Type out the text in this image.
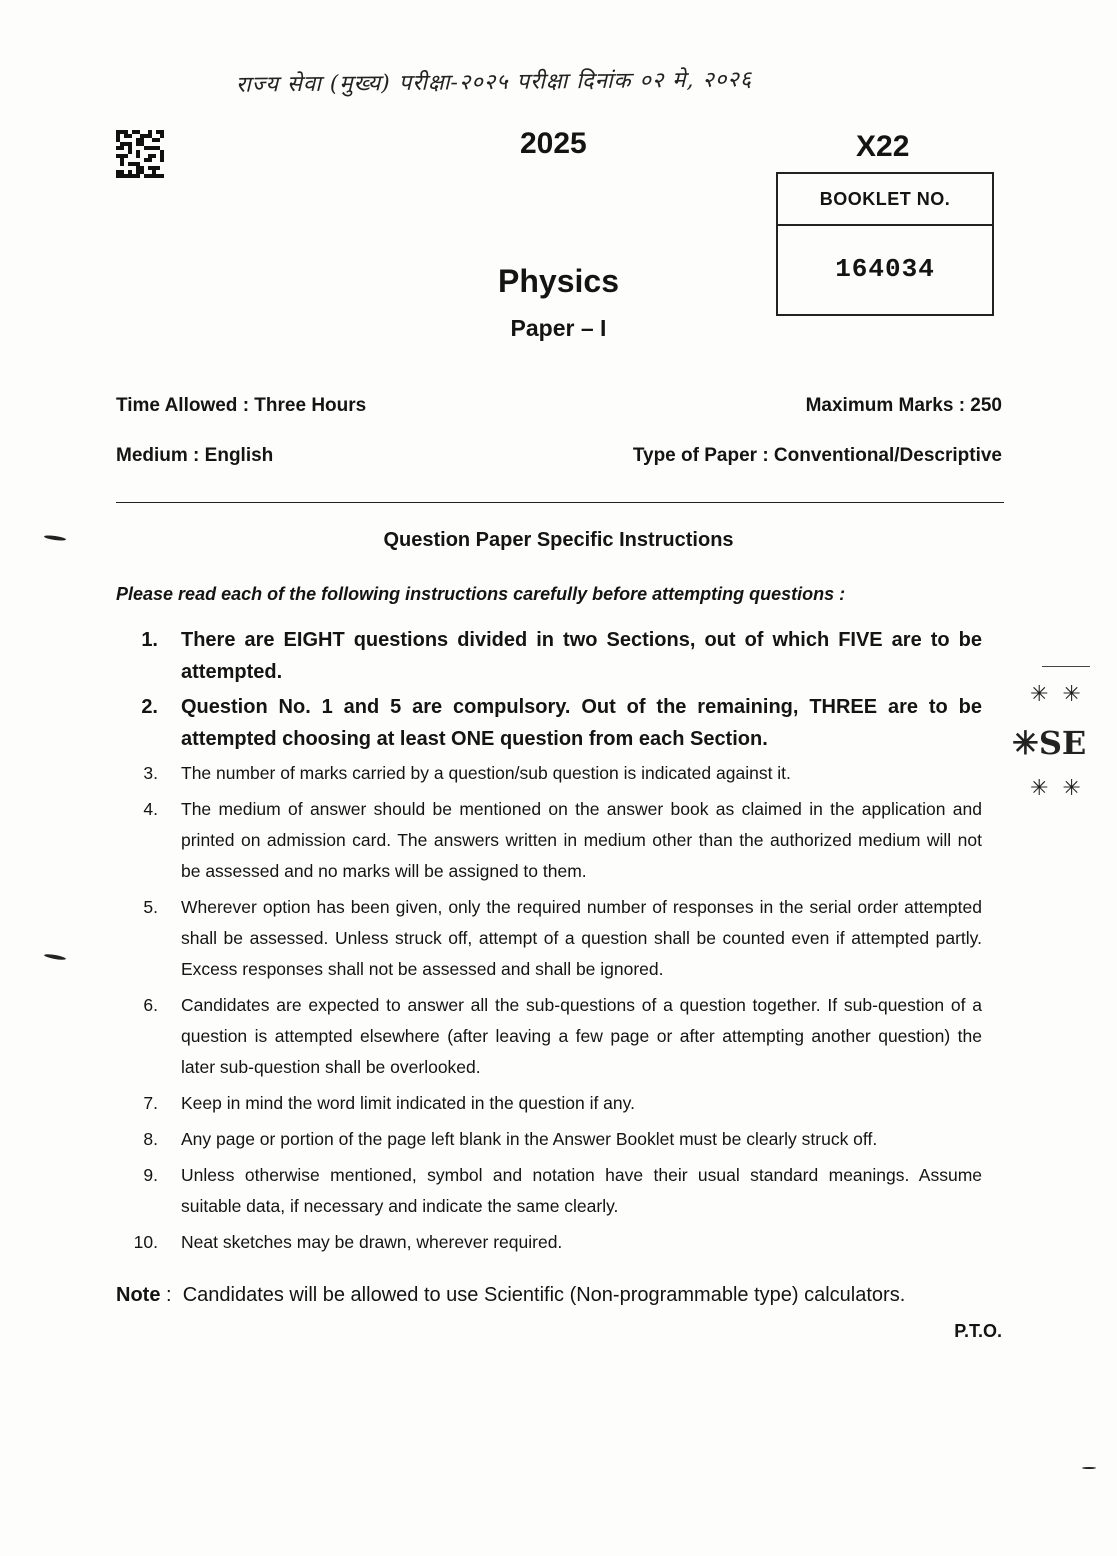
राज्य सेवा (मुख्य) परीक्षा-२०२५ परीक्षा दिनांक ०२ मे, २०२६
2025	X22
BOOKLET NO.
164034
Physics
Paper – I
Time Allowed : Three Hours	Maximum Marks : 250
Medium : English	Type of Paper : Conventional/Descriptive
Question Paper Specific Instructions
Please read each of the following instructions carefully before attempting questions :
1. There are EIGHT questions divided in two Sections, out of which FIVE are to be attempted.
2. Question No. 1 and 5 are compulsory. Out of the remaining, THREE are to be attempted choosing at least ONE question from each Section.
3. The number of marks carried by a question/sub question is indicated against it.
4. The medium of answer should be mentioned on the answer book as claimed in the application and printed on admission card. The answers written in medium other than the authorized medium will not be assessed and no marks will be assigned to them.
5. Wherever option has been given, only the required number of responses in the serial order attempted shall be assessed. Unless struck off, attempt of a question shall be counted even if attempted partly. Excess responses shall not be assessed and shall be ignored.
6. Candidates are expected to answer all the sub-questions of a question together. If sub-question of a question is attempted elsewhere (after leaving a few page or after attempting another question) the later sub-question shall be overlooked.
7. Keep in mind the word limit indicated in the question if any.
8. Any page or portion of the page left blank in the Answer Booklet must be clearly struck off.
9. Unless otherwise mentioned, symbol and notation have their usual standard meanings. Assume suitable data, if necessary and indicate the same clearly.
10. Neat sketches may be drawn, wherever required.
Note :  Candidates will be allowed to use Scientific (Non-programmable type) calculators.
P.T.O.
✳  ✳
✳SE
✳  ✳
